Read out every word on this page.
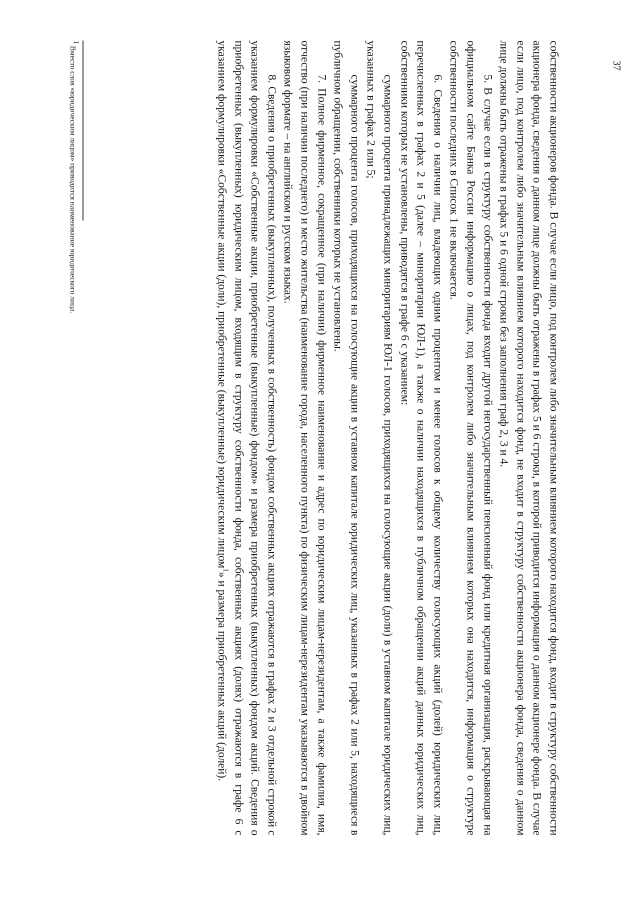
37

собственности акционеров фонда. В случае если лицо, под контролем либо значительным влиянием которого находится фонд, входит в структуру собственности акционера фонда, сведения о данном лице должны быть отражены в графах 5 и 6 строки, в которой приводится информация о данном акционере фонда. В случае если лицо, под контролем либо значительным влиянием которого находится фонд, не входит в структуру собственности акционера фонда, сведения о данном лице должны быть отражены в графах 5 и 6 одной строки без заполнения граф 2, 3 и 4.

5. В случае если в структуру собственности фонда входит другой негосударственный пенсионный фонд или кредитная организация, раскрывающая на официальном сайте Банка России информацию о лицах, под контролем либо значительным влиянием которых она находится, информация о структуре собственности последних в Список 1 не включается.

6. Сведения о наличии лиц, владеющих одним процентом и менее голосов к общему количеству голосующих акций (долей) юридических лиц, перечисленных в графах 2 и 5 (далее – миноритарии ЮЛ-1), а также о наличии находящихся в публичном обращении акций данных юридических лиц, собственники которых не установлены, приводятся в графе 6 с указанием:

суммарного процента принадлежащих миноритариям ЮЛ-1 голосов, приходящихся на голосующие акции (доли) в уставном капитале юридических лиц, указанных в графах 2 или 5;

суммарного процента голосов, приходящихся на голосующие акции в уставном капитале юридических лиц, указанных в графах 2 или 5, находящиеся в публичном обращении, собственники которых не установлены.

7. Полное фирменное, сокращенное (при наличии) фирменное наименование и адрес по юридическим лицам-нерезидентам, а также фамилия, имя, отчество (при наличии последнего) и место жительства (наименование города, населенного пункта) по физическим лицам-нерезидентам указываются в двойном языковом формате – на английском и русском языках.

8. Сведения о приобретенных (выкупленных), полученных в собственность) фондом собственных акциях отражаются в графах 2 и 3 отдельной строкой с указанием формулировки «Собственные акции, приобретенные (выкупленные) фондом» и размера приобретенных (выкупленных) фондом акций. Сведения о приобретенных (выкупленных) юридическим лицом, входящим в структуру собственности фонда, собственных акциях (долях) отражаются в графе 6 с указанием формулировки «Собственные акции (доли), приобретенные (выкупленные) юридическим лицом$^1$» и размера приобретенных акций (долей).

$^1$ Вместо слов «юридическим лицом» приводится наименование юридического лица.
